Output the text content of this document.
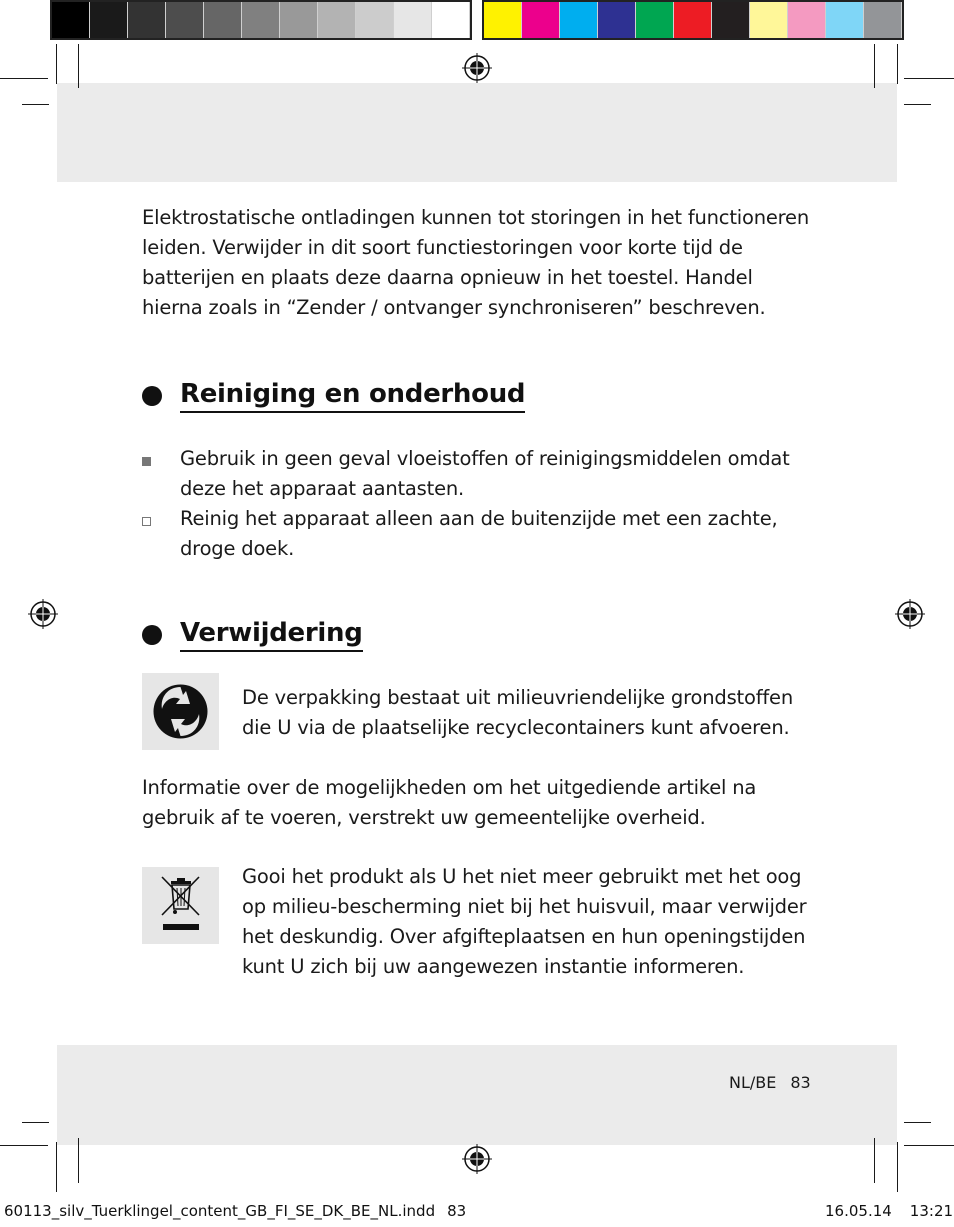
Elektrostatische ontladingen kunnen tot storingen in het functioneren leiden. Verwijder in dit soort functiestoringen voor korte tijd de batterijen en plaats deze daarna opnieuw in het toestel. Handel hierna zoals in “Zender / ontvanger synchroniseren” beschreven.
Reiniging en onderhoud
Gebruik in geen geval vloeistoffen of reinigingsmiddelen omdat deze het apparaat aantasten.
Reinig het apparaat alleen aan de buitenzijde met een zachte, droge doek.
Verwijdering
De verpakking bestaat uit milieuvriendelijke grondstoffen die U via de plaatselijke recyclecontainers kunt afvoeren.
Informatie over de mogelijkheden om het uitgediende artikel na gebruik af te voeren, verstrekt uw gemeentelijke overheid.
Gooi het produkt als U het niet meer gebruikt met het oog op milieu-bescherming niet bij het huisvuil, maar verwijder het deskundig. Over afgifteplaatsen en hun openingstijden kunt U zich bij uw aangewezen instantie informeren.
NL/BE 83
60113_silv_Tuerklingel_content_GB_FI_SE_DK_BE_NL.indd 83	16.05.14 13:21
